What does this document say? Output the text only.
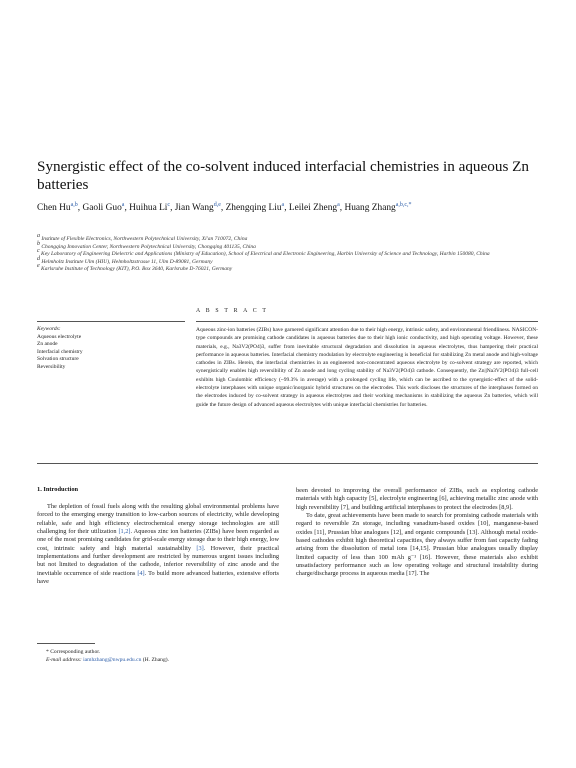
Synergistic effect of the co-solvent induced interfacial chemistries in aqueous Zn batteries
Chen Hu$^{a,b}$, Gaoli Guo$^a$, Huihua Li$^c$, Jian Wang$^{d,e}$, Zhengqing Liu$^a$, Leilei Zheng$^a$, Huang Zhang$^{a,b,c,*}$
$^a$ Institute of Flexible Electronics, Northwestern Polytechnical University, Xi'an 710072, China
$^b$ Chongqing Innovation Center, Northwestern Polytechnical University, Chongqing 401135, China
$^c$ Key Laboratory of Engineering Dielectric and Applications (Ministry of Education), School of Electrical and Electronic Engineering, Harbin University of Science and Technology, Harbin 150080, China
$^d$ Helmholtz Institute Ulm (HIU), Helmholtzstrasse 11, Ulm D-89081, Germany
$^e$ Karlsruhe Institute of Technology (KIT), P.O. Box 3640, Karlsruhe D-76021, Germany
A B S T R A C T
Keywords:
Aqueous electrolyte
Zn anode
Interfacial chemistry
Solvation structure
Reversibility
Aqueous zinc-ion batteries (ZIBs) have garnered significant attention due to their high energy, intrinsic safety, and environmental friendliness. NASICON-type compounds are promising cathode candidates in aqueous batteries due to their high ionic conductivity, and high operating voltage. However, these materials, e.g., Na3V2(PO4)3, suffer from inevitable structural degradation and dissolution in aqueous electrolytes, thus hampering their practical performance in aqueous batteries. Interfacial chemistry modulation by electrolyte engineering is beneficial for stabilizing Zn metal anode and high-voltage cathodes in ZIBs. Herein, the interfacial chemistries in an engineered non-concentrated aqueous electrolyte by co-solvent strategy are reported, which synergistically enables high reversibility of Zn anode and long cycling stability of Na3V2(PO4)3 cathode. Consequently, the Zn||Na3V2(PO4)3 full-cell exhibits high Coulombic efficiency (~99.3% in average) with a prolonged cycling life, which can be ascribed to the synergistic-effect of the solid-electrolyte interphases with unique organic/inorganic hybrid structures on the electrodes. This work discloses the structures of the interphases formed on the electrodes induced by co-solvent strategy in aqueous electrolytes and their working mechanisms in stabilizing the aqueous Zn batteries, which will guide the future design of advanced aqueous electrolytes with unique interfacial chemistries for batteries.
1. Introduction

The depletion of fossil fuels along with the resulting global environmental problems have forced to the emerging energy transition to low-carbon sources of electricity, while developing reliable, safe and high efficiency electrochemical energy storage technologies are still challenging for their utilization [1,2]. Aqueous zinc ion batteries (ZIBs) have been regarded as one of the most promising candidates for grid-scale energy storage due to their high energy, low cost, intrinsic safety and high material sustainability [3]. However, their practical implementations and further development are restricted by numerous urgent issues including but not limited to degradation of the cathode, inferior reversibility of zinc anode and the inevitable occurrence of side reactions [4]. To build more advanced batteries, extensive efforts have

been devoted to improving the overall performance of ZIBs, such as exploring cathode materials with high capacity [5], electrolyte engineering [6], achieving metallic zinc anode with high reversibility [7], and building artificial interphases to protect the electrodes [8,9].

To date, great achievements have been made to search for promising cathode materials with regard to reversible Zn storage, including vanadium-based oxides [10], manganese-based oxides [11], Prussian blue analogues [12], and organic compounds [13]. Although metal oxide-based cathodes exhibit high theoretical capacities, they always suffer from fast capacity fading arising from the dissolution of metal ions [14,15]. Prussian blue analogues usually display limited capacity of less than 100 mAh g⁻¹ [16]. However, these materials also exhibit unsatisfactory performance such as low operating voltage and structural instability during charge/discharge process in aqueous media [17]. The

* Corresponding author.
E-mail address: iamhzhang@nwpu.edu.cn (H. Zhang).
